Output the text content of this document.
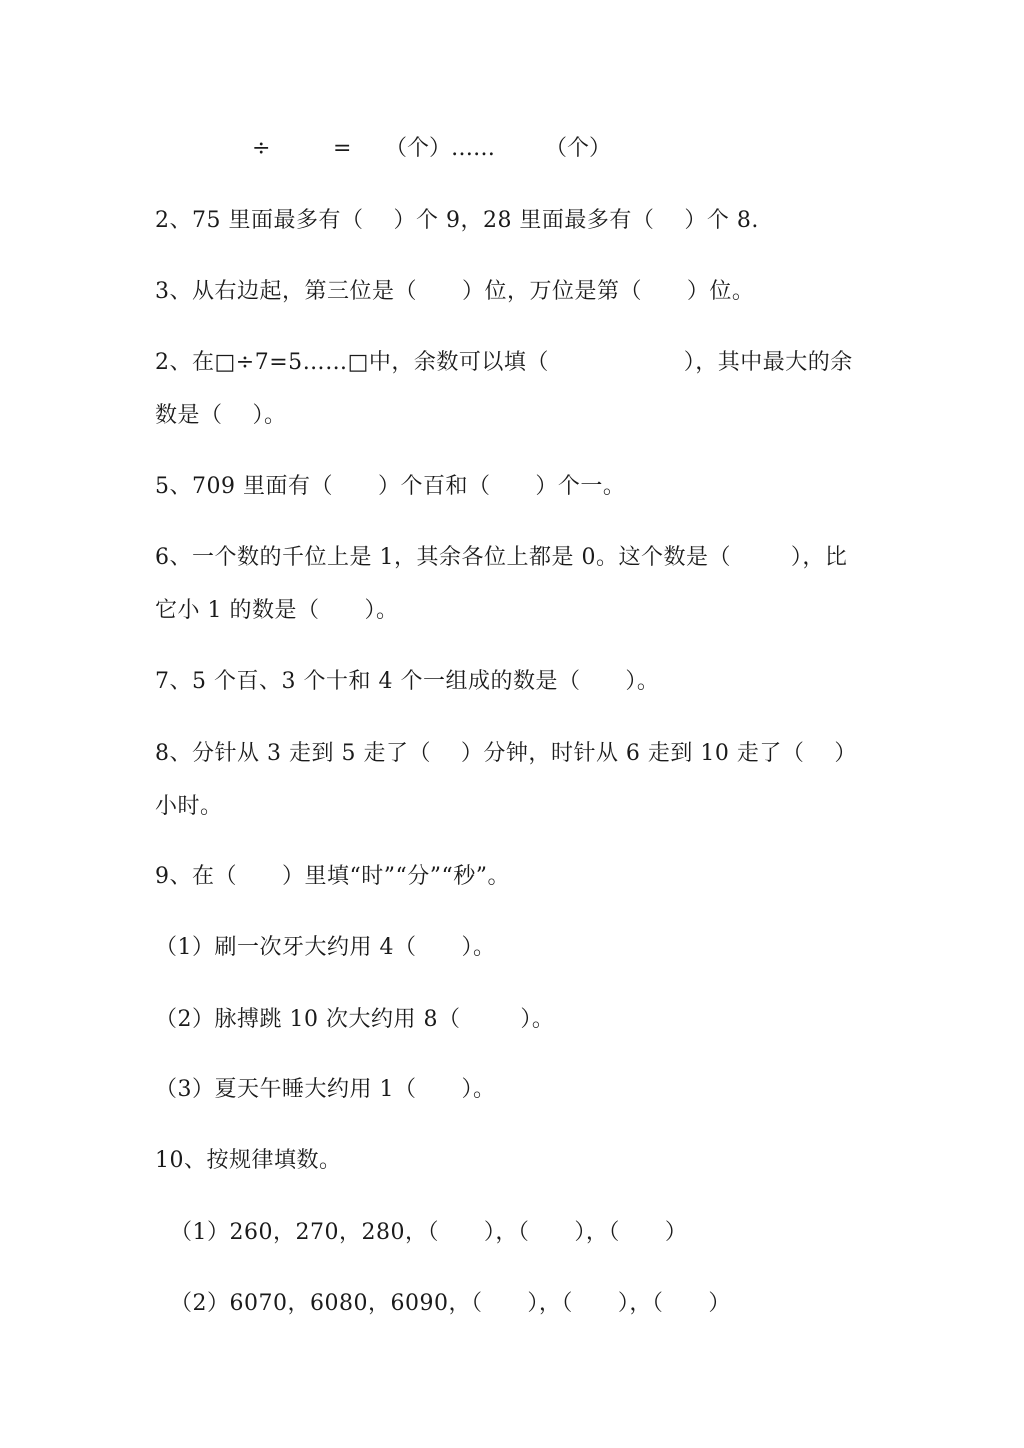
÷	= （个）…… （个）
2、75 里面最多有（    ）个 9，28 里面最多有（    ）个 8.
3、从右边起，第三位是（      ）位，万位是第（      ）位。
2、在□÷7=5……□中，余数可以填（                  ），其中最大的余
数是（    ）。
5、709 里面有（      ）个百和（      ）个一。
6、一个数的千位上是 1，其余各位上都是 0。这个数是（        ），比
它小 1 的数是（      ）。
7、5 个百、3 个十和 4 个一组成的数是（      ）。
8、分针从 3 走到 5 走了（    ）分钟，时针从 6 走到 10 走了（    ）
小时。
9、在（      ）里填“时”“分”“秒”。
（1）刷一次牙大约用 4（      ）。
（2）脉搏跳 10 次大约用 8（        ）。
（3）夏天午睡大约用 1（      ）。
10、按规律填数。
（1）260，270，280，（      ），（      ），（      ）
（2）6070，6080，6090，（      ），（      ），（      ）
